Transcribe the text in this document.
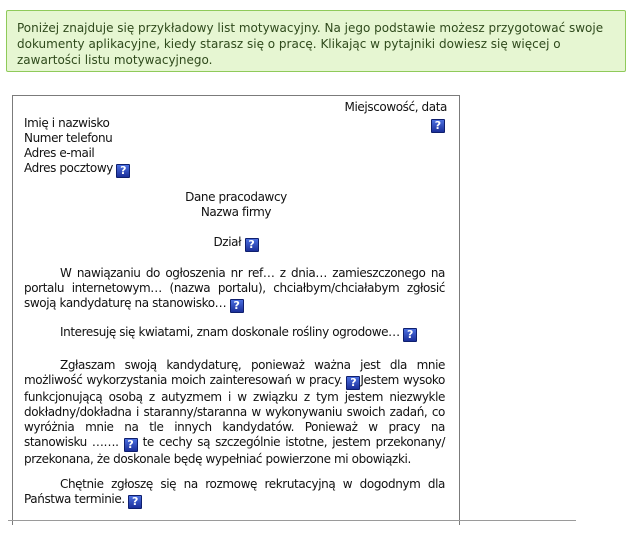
Poniżej znajduje się przykładowy list motywacyjny. Na jego podstawie możesz przygotować swoje dokumenty aplikacyjne, kiedy starasz się o pracę. Klikając w pytajniki dowiesz się więcej o zawartości listu motywacyjnego.
Miejscowość, data
?
Imię i nazwisko
Numer telefonu
Adres e-mail
Adres pocztowy ?
Dane pracodawcy
Nazwa firmy
Dział ?
W nawiązaniu do ogłoszenia nr ref… z dnia… zamieszczonego na portalu internetowym… (nazwa portalu), chciałbym/chciałabym zgłosić swoją kandydaturę na stanowisko… ?
Interesuję się kwiatami, znam doskonale rośliny ogrodowe… ?
Zgłaszam swoją kandydaturę, ponieważ ważna jest dla mnie możliwość wykorzystania moich zainteresowań w pracy. ? Jestem wysoko funkcjonującą osobą z autyzmem i w związku z tym jestem niezwykle dokładny/dokładna i staranny/staranna w wykonywaniu swoich zadań, co wyróżnia mnie na tle innych kandydatów. Ponieważ w pracy na stanowisku ……. ? te cechy są szczególnie istotne, jestem przekonany/ przekonana, że doskonale będę wypełniać powierzone mi obowiązki.
Chętnie zgłoszę się na rozmowę rekrutacyjną w dogodnym dla Państwa terminie. ?
